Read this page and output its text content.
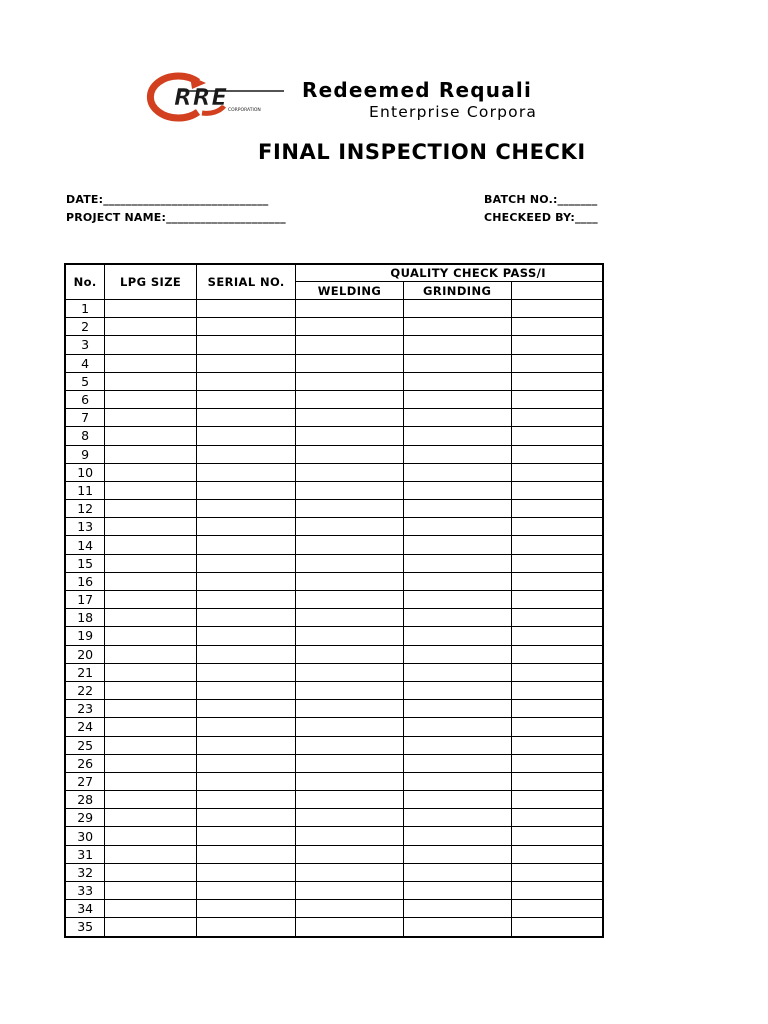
RRE CORPORATION
Redeemed Requali
Enterprise Corpora
FINAL INSPECTION CHECKI
DATE:_____________________________
PROJECT NAME:_____________________
BATCH NO.:_______
CHECKEED BY:____
No.	LPG SIZE	SERIAL NO.	QUALITY CHECK PASS/I		
			WELDING	GRINDING	
1					
2					
3					
4					
5					
6					
7					
8					
9					
10					
11					
12					
13					
14					
15					
16					
17					
18					
19					
20					
21					
22					
23					
24					
25					
26					
27					
28					
29					
30					
31					
32					
33					
34					
35					
